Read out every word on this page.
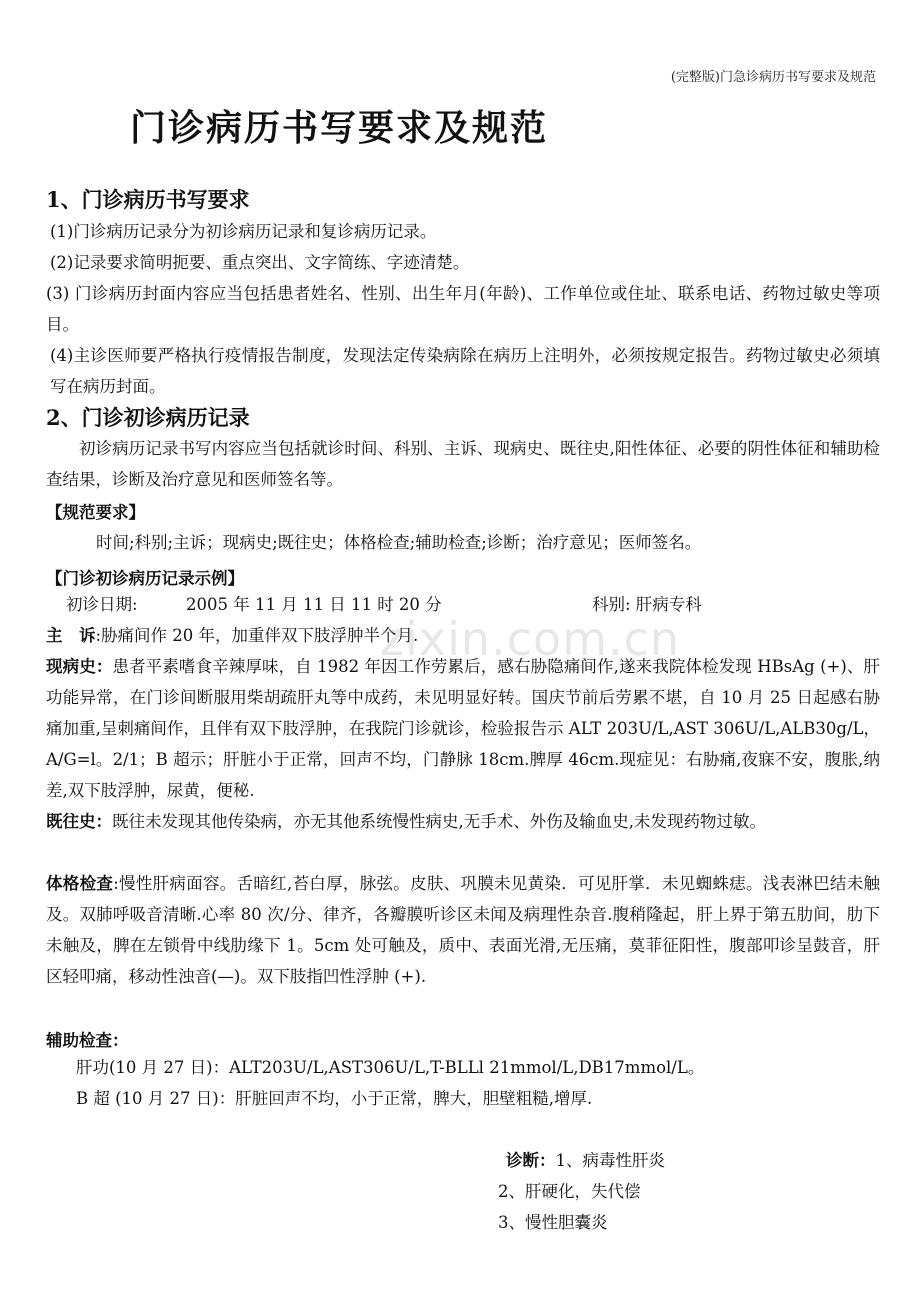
(完整版)门急诊病历书写要求及规范
门诊病历书写要求及规范
1、门诊病历书写要求
(1)门诊病历记录分为初诊病历记录和复诊病历记录。
(2)记录要求简明扼要、重点突出、文字简练、字迹清楚。
(3) 门诊病历封面内容应当包括患者姓名、性别、出生年月(年龄)、工作单位或住址、联系电话、药物过敏史等项目。
(4)主诊医师要严格执行疫情报告制度，发现法定传染病除在病历上注明外，必须按规定报告。药物过敏史必须填写在病历封面。
2、门诊初诊病历记录
初诊病历记录书写内容应当包括就诊时间、科别、主诉、现病史、既往史,阳性体征、必要的阴性体征和辅助检查结果，诊断及治疗意见和医师签名等。
【规范要求】
时间;科别;主诉；现病史;既往史；体格检查;辅助检查;诊断；治疗意见；医师签名。
【门诊初诊病历记录示例】
初诊日期:	2005 年 11 月 11 日 11 时 20 分	科别: 肝病专科
主　诉:胁痛间作 20 年，加重伴双下肢浮肿半个月.
现病史：患者平素嗜食辛辣厚味，自 1982 年因工作劳累后，感右胁隐痛间作,遂来我院体检发现 HBsAg (+)、肝功能异常，在门诊间断服用柴胡疏肝丸等中成药，未见明显好转。国庆节前后劳累不堪，自 10 月 25 日起感右胁痛加重,呈刺痛间作，且伴有双下肢浮肿，在我院门诊就诊，检验报告示 ALT 203U/L,AST 306U/L,ALB30g/L， A/G=l。2/1；B 超示；肝脏小于正常，回声不均，门静脉 18cm.脾厚 46cm.现症见：右胁痛,夜寐不安，腹胀,纳差,双下肢浮肿，尿黄，便秘.
既往史：既往未发现其他传染病，亦无其他系统慢性病史,无手术、外伤及输血史,未发现药物过敏。
体格检查:慢性肝病面容。舌暗红,苔白厚，脉弦。皮肤、巩膜未见黄染．可见肝掌．未见蜘蛛痣。浅表淋巴结未触及。双肺呼吸音清晰.心率 80 次/分、律齐，各瓣膜听诊区未闻及病理性杂音.腹稍隆起，肝上界于第五肋间，肋下未触及，脾在左锁骨中线肋缘下 1。5cm 处可触及，质中、表面光滑,无压痛，莫菲征阳性，腹部叩诊呈鼓音，肝区轻叩痛，移动性浊音(—)。双下肢指凹性浮肿 (+).
辅助检查：
肝功(10 月 27 日)：ALT203U/L,AST306U/L,T-BLLl 21mmol/L,DB17mmol/L。
B 超 (10 月 27 日)：肝脏回声不均，小于正常，脾大，胆壁粗糙,增厚.
诊断：1、病毒性肝炎
2、肝硬化，失代偿
3、慢性胆囊炎
zixin.com.cn
